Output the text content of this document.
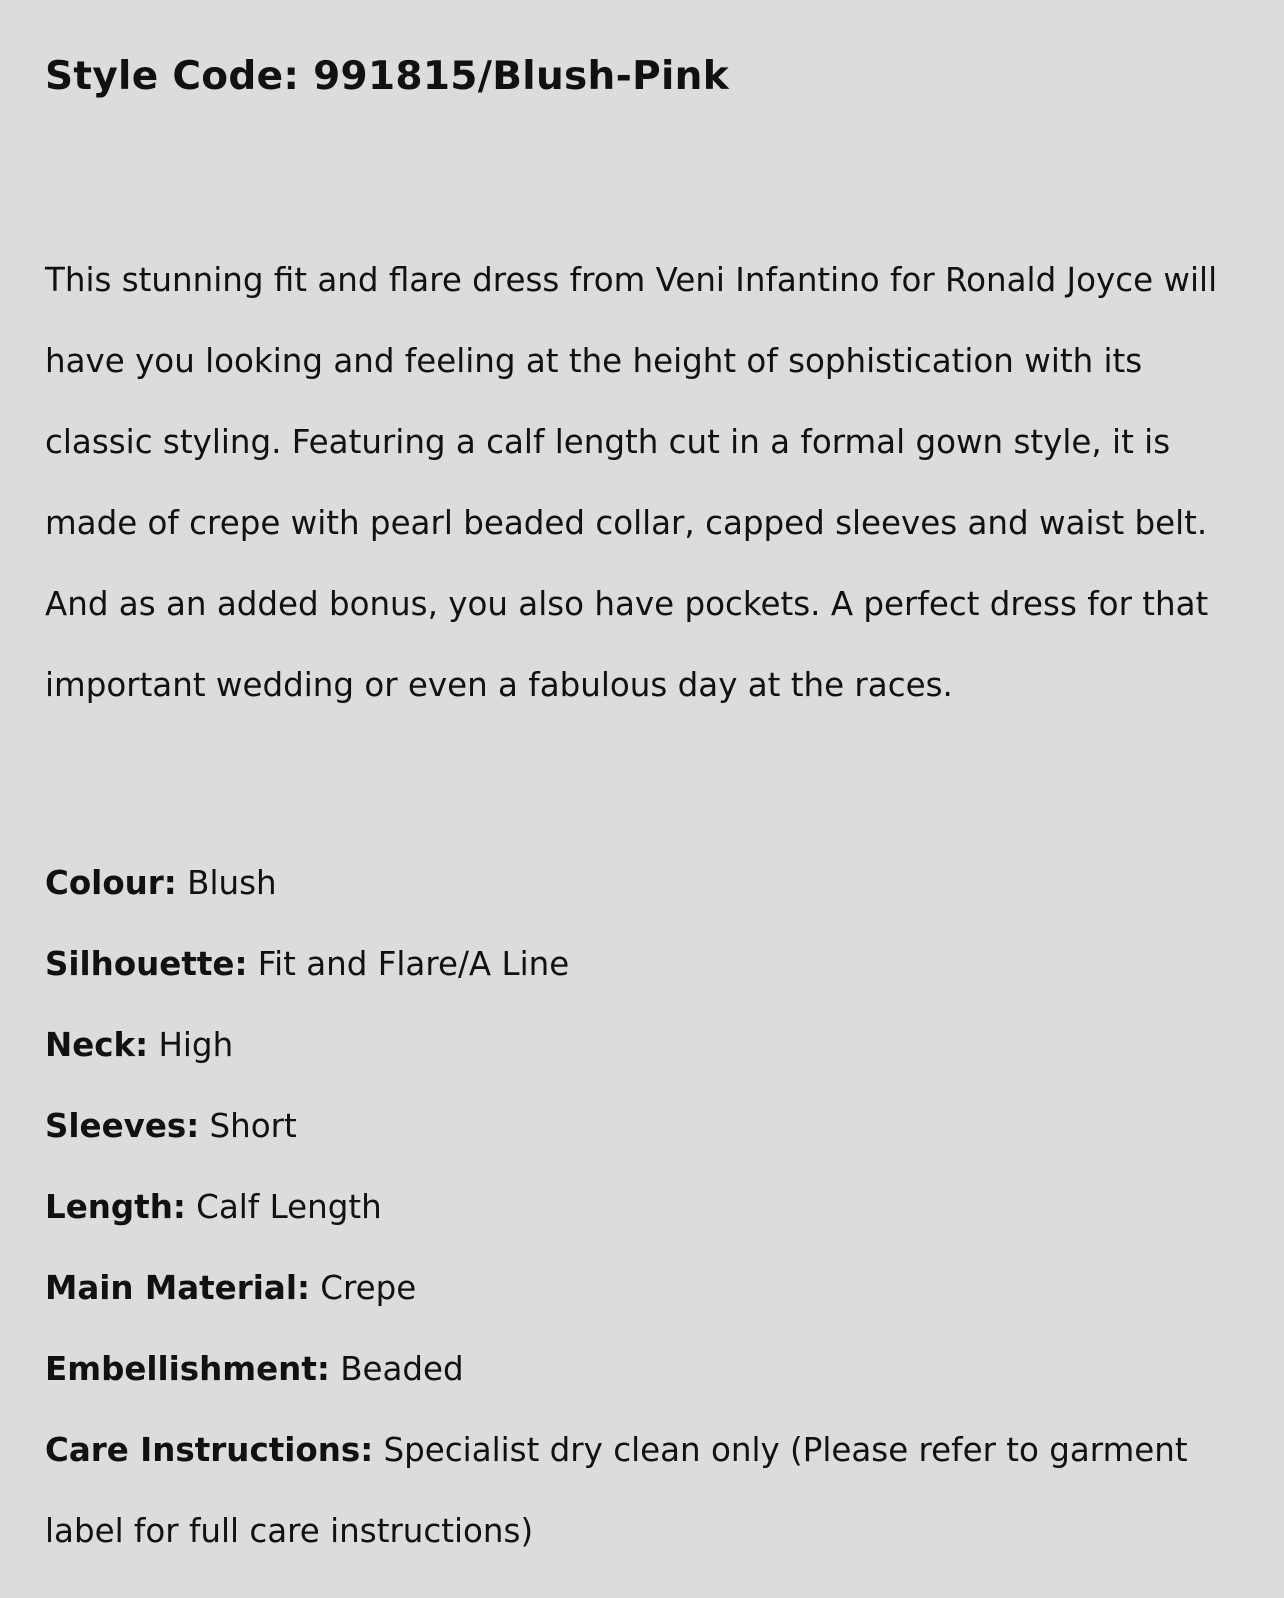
Style Code: 991815/Blush-Pink

This stunning fit and flare dress from Veni Infantino for Ronald Joyce will have you looking and feeling at the height of sophistication with its classic styling. Featuring a calf length cut in a formal gown style, it is made of crepe with pearl beaded collar, capped sleeves and waist belt. And as an added bonus, you also have pockets. A perfect dress for that important wedding or even a fabulous day at the races.

Colour: Blush
Silhouette: Fit and Flare/A Line
Neck: High
Sleeves: Short
Length: Calf Length
Main Material: Crepe
Embellishment: Beaded
Care Instructions: Specialist dry clean only (Please refer to garment label for full care instructions)
